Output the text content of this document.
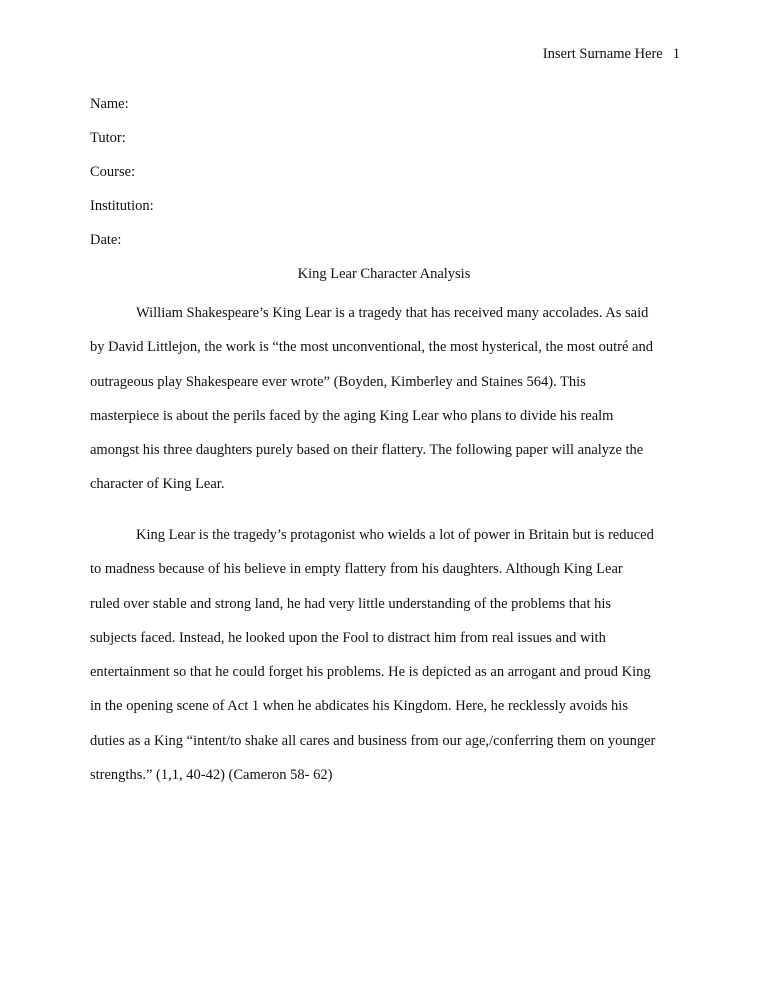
Insert Surname Here 1
Name:
Tutor:
Course:
Institution:
Date:
King Lear Character Analysis

William Shakespeare’s King Lear is a tragedy that has received many accolades. As said
by David Littlejon, the work is “the most unconventional, the most hysterical, the most outré and
outrageous play Shakespeare ever wrote” (Boyden, Kimberley and Staines 564). This
masterpiece is about the perils faced by the aging King Lear who plans to divide his realm
amongst his three daughters purely based on their flattery. The following paper will analyze the
character of King Lear.

King Lear is the tragedy’s protagonist who wields a lot of power in Britain but is reduced
to madness because of his believe in empty flattery from his daughters. Although King Lear
ruled over stable and strong land, he had very little understanding of the problems that his
subjects faced. Instead, he looked upon the Fool to distract him from real issues and with
entertainment so that he could forget his problems. He is depicted as an arrogant and proud King
in the opening scene of Act 1 when he abdicates his Kingdom. Here, he recklessly avoids his
duties as a King “intent/to shake all cares and business from our age,/conferring them on younger
strengths.” (1,1, 40-42) (Cameron 58- 62)
